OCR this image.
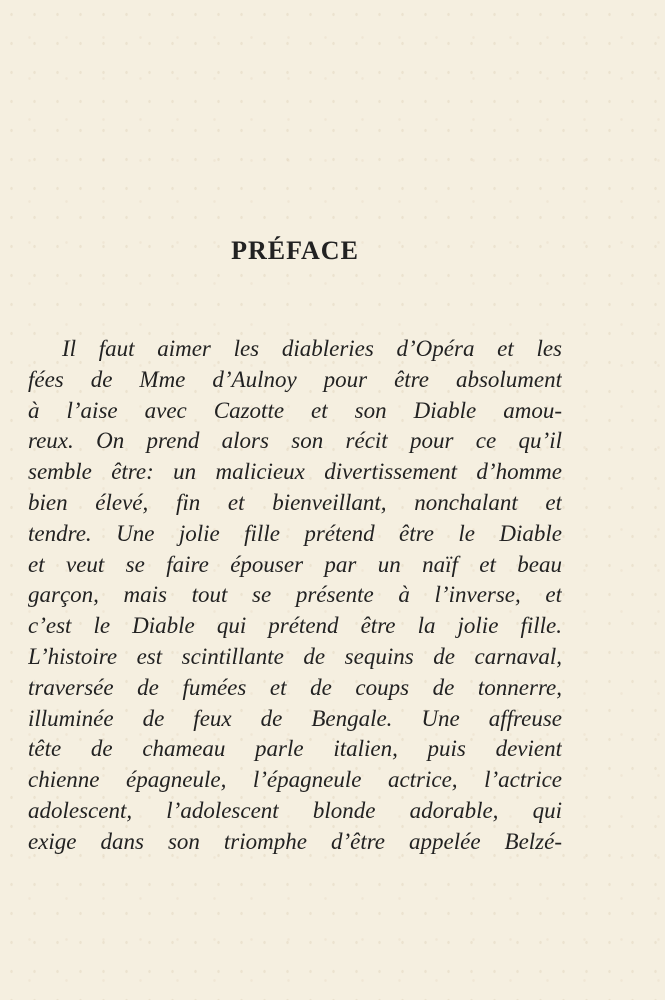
PRÉFACE
Il faut aimer les diableries d’Opéra et les
fées de Mme d’Aulnoy pour être absolument
à l’aise avec Cazotte et son Diable amou-
reux. On prend alors son récit pour ce qu’il
semble être: un malicieux divertissement d’homme
bien élevé, fin et bienveillant, nonchalant et
tendre. Une jolie fille prétend être le Diable
et veut se faire épouser par un naïf et beau
garçon, mais tout se présente à l’inverse, et
c’est le Diable qui prétend être la jolie fille.
L’histoire est scintillante de sequins de carnaval,
traversée de fumées et de coups de tonnerre,
illuminée de feux de Bengale. Une affreuse
tête de chameau parle italien, puis devient
chienne épagneule, l’épagneule actrice, l’actrice
adolescent, l’adolescent blonde adorable, qui
exige dans son triomphe d’être appelée Belzé-
